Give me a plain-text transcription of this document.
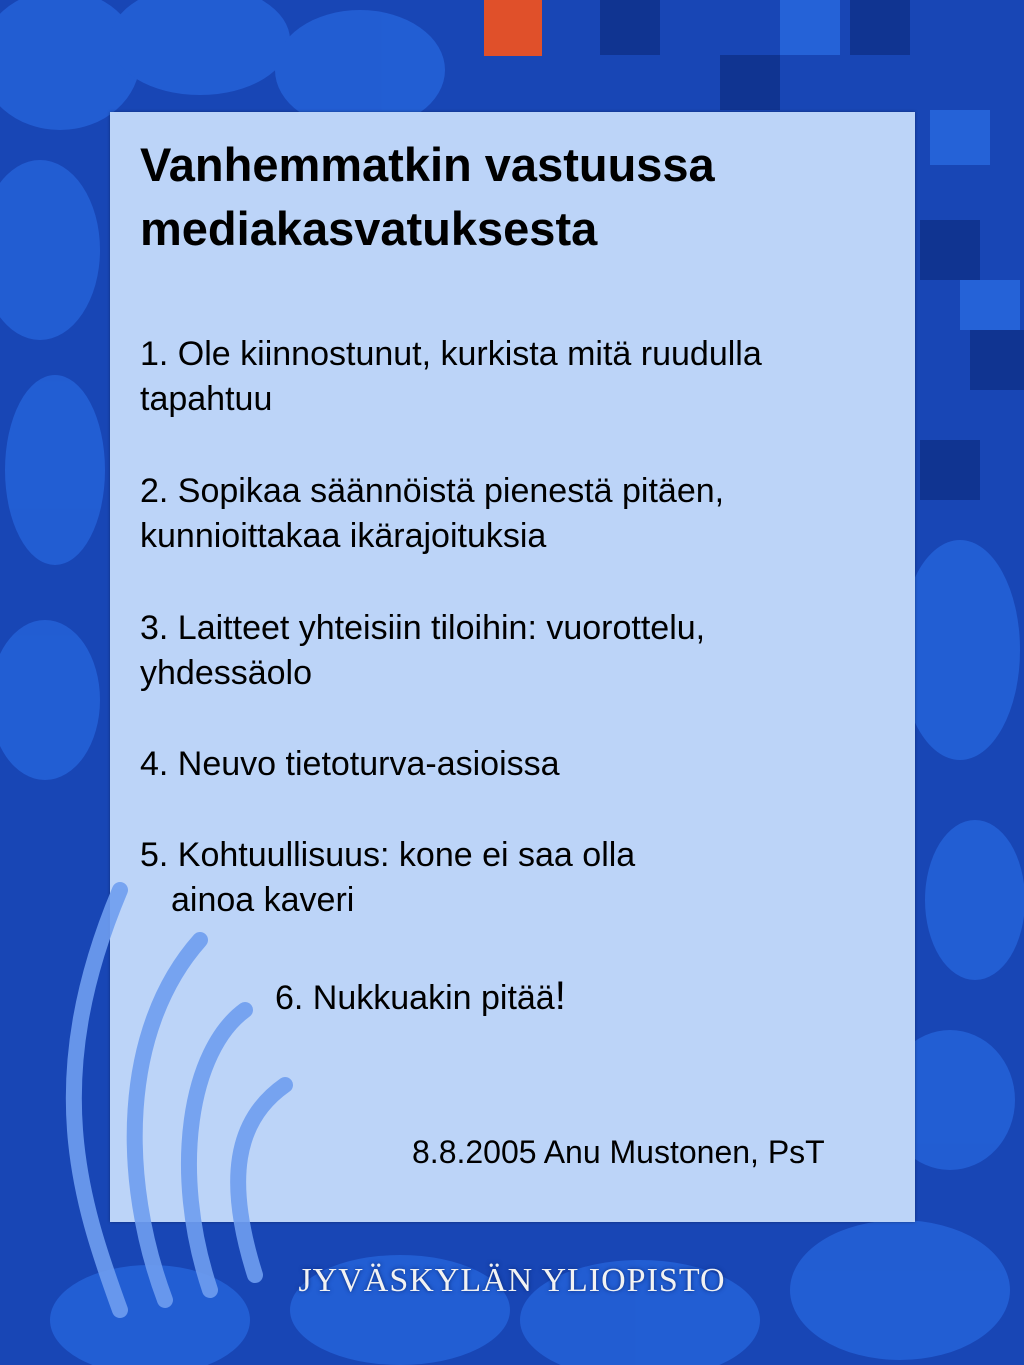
Vanhemmatkin vastuussa mediakasvatuksesta

1. Ole kiinnostunut, kurkista mitä ruudulla
tapahtuu

2. Sopikaa säännöistä pienestä pitäen,
kunnioittakaa ikärajoituksia

3. Laitteet yhteisiin tiloihin: vuorottelu,
yhdessäolo

4. Neuvo tietoturva-asioissa

5. Kohtuullisuus: kone ei saa olla
ainoa kaveri

6. Nukkuakin pitää!

8.8.2005 Anu Mustonen, PsT

JYVÄSKYLÄN YLIOPISTO
